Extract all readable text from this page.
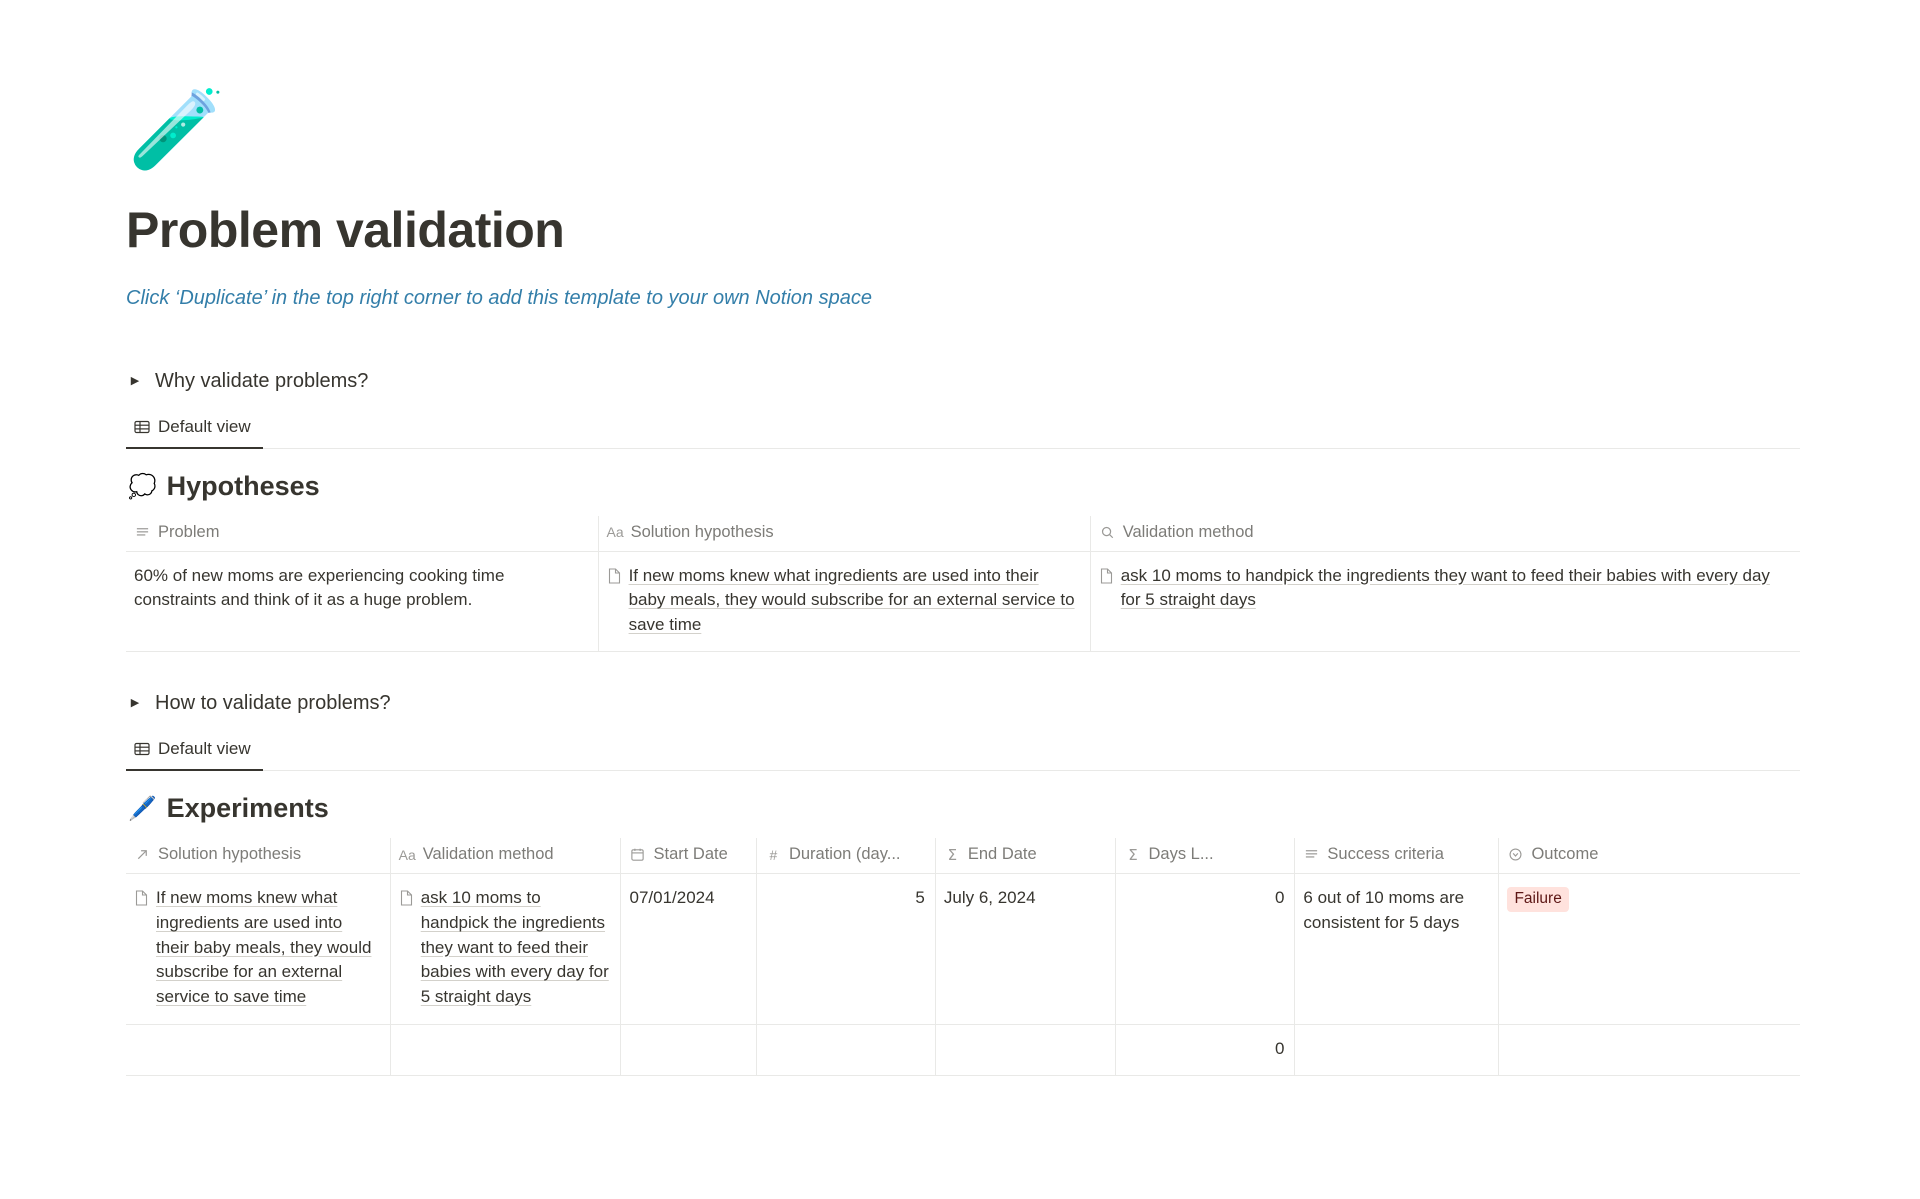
🧪
Problem validation
Click ‘Duplicate’ in the top right corner to add this template to your own Notion space
▶ Why validate problems?
Default view
💭 Hypotheses
Problem	Aa Solution hypothesis	Validation method

60% of new moms are experiencing cooking time constraints and think of it as a huge problem.	If new moms knew what ingredients are used into their baby meals, they would subscribe for an external service to save time	ask 10 moms to handpick the ingredients they want to feed their babies with every day for 5 straight days
▶ How to validate problems?
Default view
🖊️ Experiments
Solution hypothesis	Aa Validation method	Start Date	# Duration (day...	Σ End Date	Σ Days L...	Success criteria	Outcome

If new moms knew what ingredients are used into their baby meals, they would subscribe for an external service to save time	ask 10 moms to handpick the ingredients they want to feed their babies with every day for 5 straight days	07/01/2024	5	July 6, 2024	0	6 out of 10 moms are consistent for 5 days	Failure
					0		
